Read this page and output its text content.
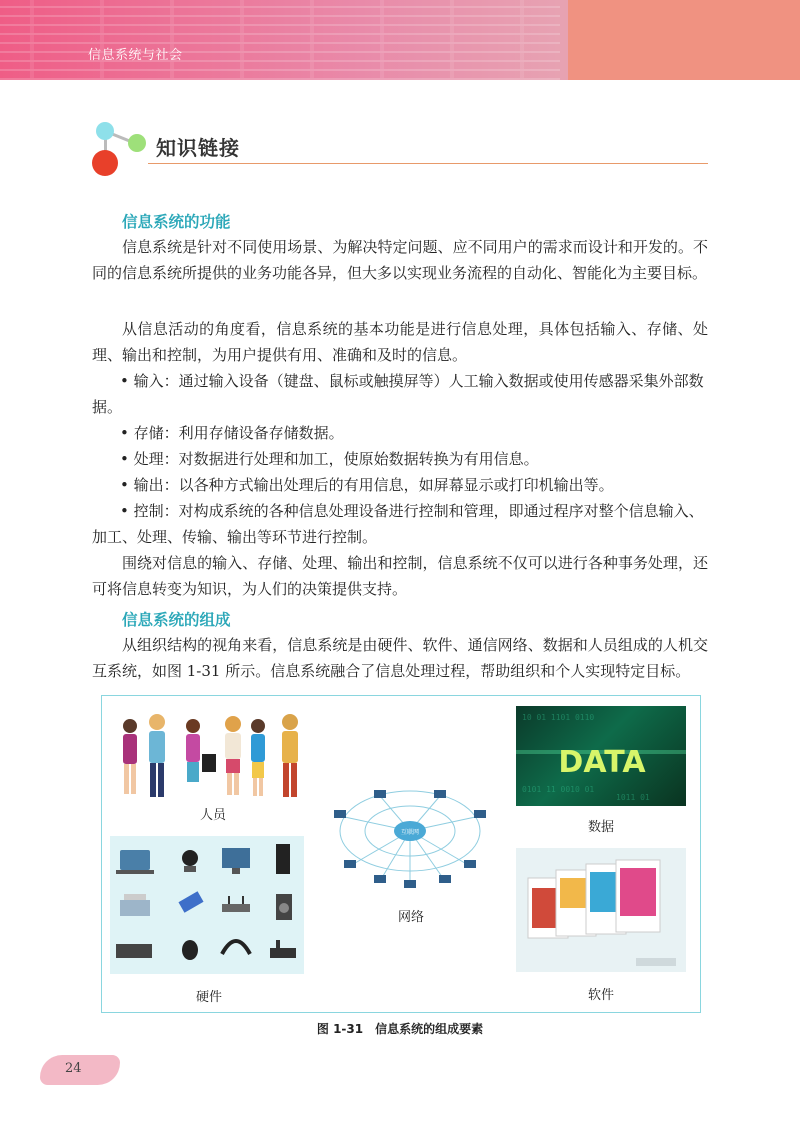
信息系统与社会
知识链接
信息系统的功能
信息系统是针对不同使用场景、为解决特定问题、应不同用户的需求而设计和开发的。不同的信息系统所提供的业务功能各异，但大多以实现业务流程的自动化、智能化为主要目标。
从信息活动的角度看，信息系统的基本功能是进行信息处理，具体包括输入、存储、处理、输出和控制，为用户提供有用、准确和及时的信息。
• 输入：通过输入设备（键盘、鼠标或触摸屏等）人工输入数据或使用传感器采集外部数据。
• 存储：利用存储设备存储数据。
• 处理：对数据进行处理和加工，使原始数据转换为有用信息。
• 输出：以各种方式输出处理后的有用信息，如屏幕显示或打印机输出等。
• 控制：对构成系统的各种信息处理设备进行控制和管理，即通过程序对整个信息输入、加工、处理、传输、输出等环节进行控制。
围绕对信息的输入、存储、处理、输出和控制，信息系统不仅可以进行各种事务处理，还可将信息转变为知识，为人们的决策提供支持。
信息系统的组成
从组织结构的视角来看，信息系统是由硬件、软件、通信网络、数据和人员组成的人机交互系统，如图 1-31 所示。信息系统融合了信息处理过程，帮助组织和个人实现特定目标。
人员
10 01 1101 0110
0101 11 0010 01
1011 01
DATA
数据
互联网
网络
硬件	软件
图 1-31　信息系统的组成要素
24
